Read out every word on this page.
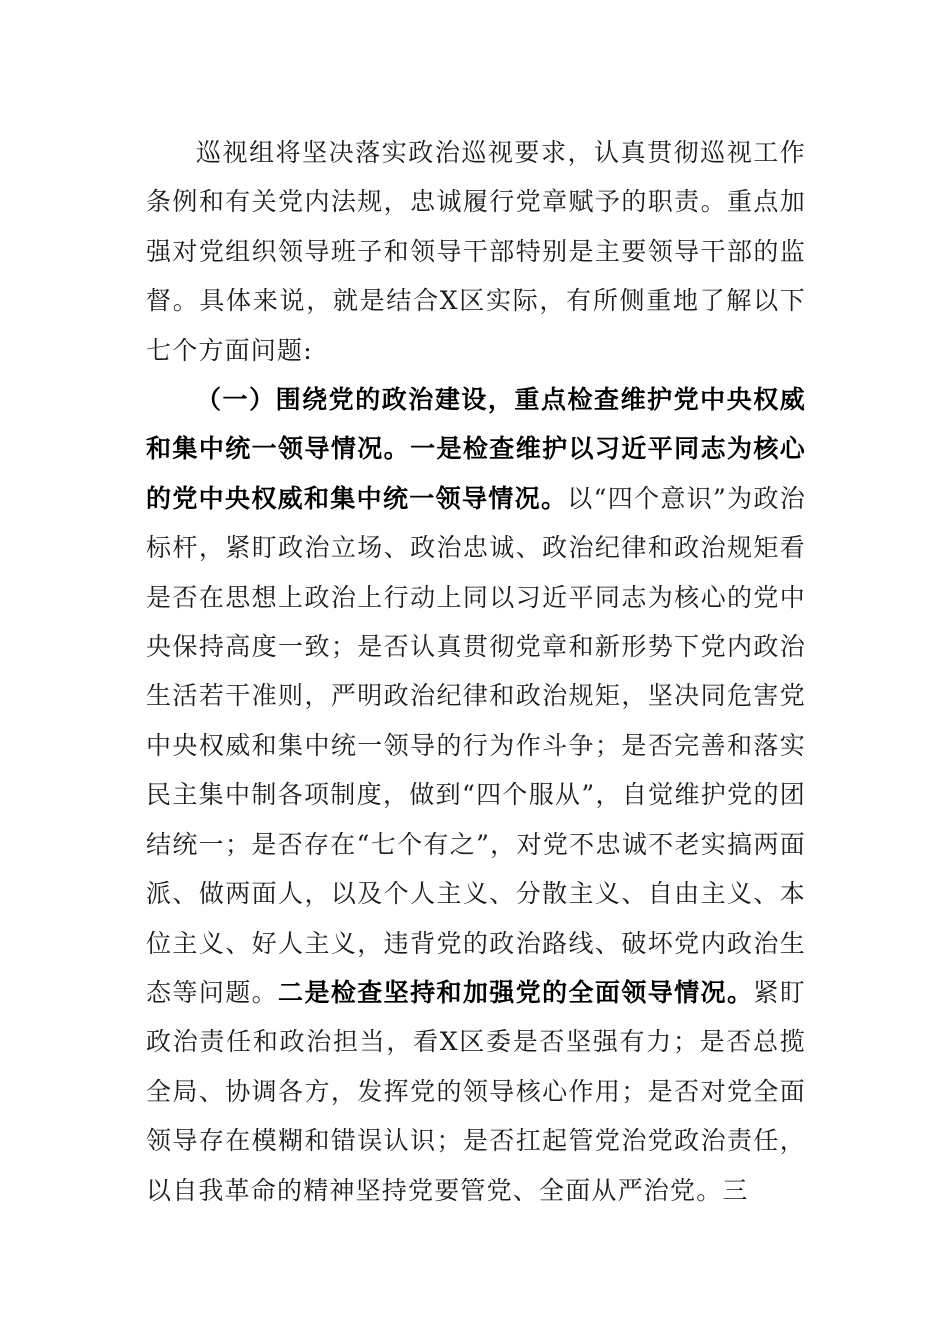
巡视组将坚决落实政治巡视要求，认真贯彻巡视工作条例和有关党内法规，忠诚履行党章赋予的职责。重点加强对党组织领导班子和领导干部特别是主要领导干部的监督。具体来说，就是结合X区实际，有所侧重地了解以下七个方面问题:

（一）围绕党的政治建设，重点检查维护党中央权威和集中统一领导情况。一是检查维护以习近平同志为核心的党中央权威和集中统一领导情况。以“四个意识”为政治标杆，紧盯政治立场、政治忠诚、政治纪律和政治规矩看是否在思想上政治上行动上同以习近平同志为核心的党中央保持高度一致；是否认真贯彻党章和新形势下党内政治生活若干准则，严明政治纪律和政治规矩，坚决同危害党中央权威和集中统一领导的行为作斗争；是否完善和落实民主集中制各项制度，做到“四个服从”，自觉维护党的团结统一；是否存在“七个有之”，对党不忠诚不老实搞两面派、做两面人，以及个人主义、分散主义、自由主义、本位主义、好人主义，违背党的政治路线、破坏党内政治生态等问题。二是检查坚持和加强党的全面领导情况。紧盯政治责任和政治担当，看X区委是否坚强有力；是否总揽全局、协调各方，发挥党的领导核心作用；是否对党全面领导存在模糊和错误认识；是否扛起管党治党政治责任，以自我革命的精神坚持党要管党、全面从严治党。三
